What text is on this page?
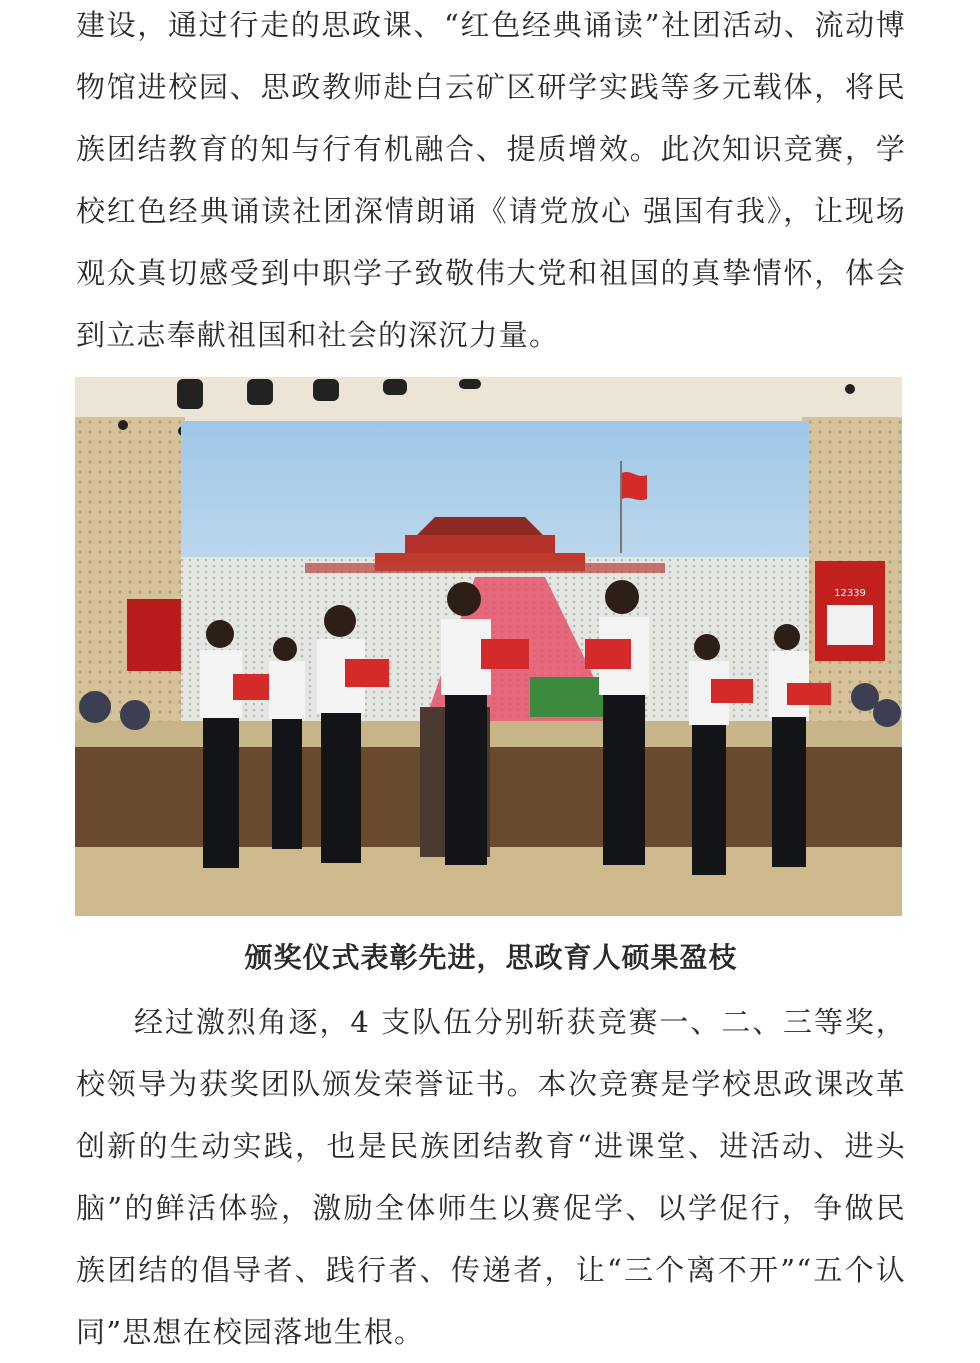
建设，通过行走的思政课、“红色经典诵读”社团活动、流动博物馆进校园、思政教师赴白云矿区研学实践等多元载体，将民族团结教育的知与行有机融合、提质增效。此次知识竞赛，学校红色经典诵读社团深情朗诵《请党放心 强国有我》，让现场观众真切感受到中职学子致敬伟大党和祖国的真挚情怀，体会到立志奉献祖国和社会的深沉力量。

12339

颁奖仪式表彰先进，思政育人硕果盈枝

经过激烈角逐，4 支队伍分别斩获竞赛一、二、三等奖，校领导为获奖团队颁发荣誉证书。本次竞赛是学校思政课改革创新的生动实践，也是民族团结教育“进课堂、进活动、进头脑”的鲜活体验，激励全体师生以赛促学、以学促行，争做民族团结的倡导者、践行者、传递者，让“三个离不开”“五个认同”思想在校园落地生根。
